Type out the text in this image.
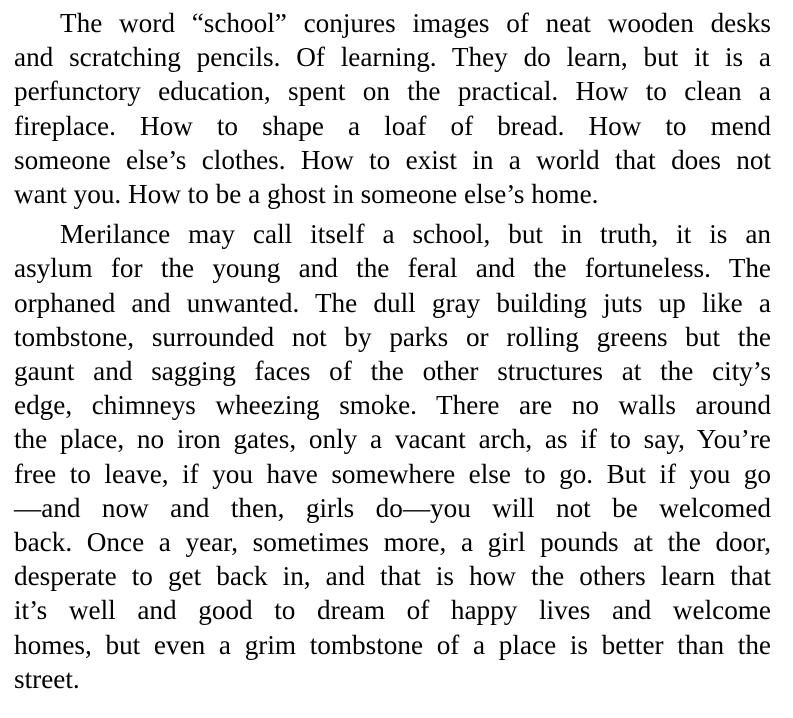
The word “school” conjures images of neat wooden desks
and scratching pencils. Of learning. They do learn, but it is a
perfunctory education, spent on the practical. How to clean a
fireplace. How to shape a loaf of bread. How to mend
someone else’s clothes. How to exist in a world that does not
want you. How to be a ghost in someone else’s home.

Merilance may call itself a school, but in truth, it is an
asylum for the young and the feral and the fortuneless. The
orphaned and unwanted. The dull gray building juts up like a
tombstone, surrounded not by parks or rolling greens but the
gaunt and sagging faces of the other structures at the city’s
edge, chimneys wheezing smoke. There are no walls around
the place, no iron gates, only a vacant arch, as if to say, You’re
free to leave, if you have somewhere else to go. But if you go
—and now and then, girls do—you will not be welcomed
back. Once a year, sometimes more, a girl pounds at the door,
desperate to get back in, and that is how the others learn that
it’s well and good to dream of happy lives and welcome
homes, but even a grim tombstone of a place is better than the
street.
